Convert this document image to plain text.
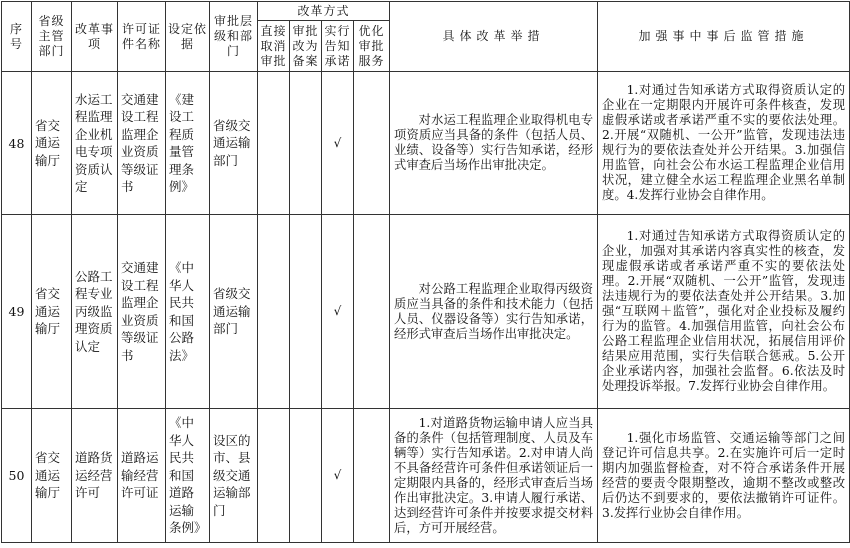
序号	省级主管部门	改革事项	许可证件名称	设定依据	审批层级和部门	改革方式				具体改革举措	加强事中事后监管措施
						直接取消审批	审批改为备案	实行告知承诺	优化审批服务		
48	省交通运输厅	水运工程监理企业机电专项资质认定	交通建设工程监理企业资质等级证书	《建设工程质量管理条例》	省级交通运输部门			√		对水运工程监理企业取得机电专项资质应当具备的条件（包括人员、业绩、设备等）实行告知承诺，经形式审查后当场作出审批决定。	1.对通过告知承诺方式取得资质认定的企业在一定期限内开展许可条件核查，发现虚假承诺或者承诺严重不实的要依法处理。2.开展“双随机、一公开”监管，发现违法违规行为的要依法查处并公开结果。3.加强信用监管，向社会公布水运工程监理企业信用状况，建立健全水运工程监理企业黑名单制度。4.发挥行业协会自律作用。
49	省交通运输厅	公路工程专业丙级监理资质认定	交通建设工程监理企业资质等级证书	《中华人民共和国公路法》	省级交通运输部门			√		对公路工程监理企业取得丙级资质应当具备的条件和技术能力（包括人员、仪器设备等）实行告知承诺，经形式审查后当场作出审批决定。	1.对通过告知承诺方式取得资质认定的企业，加强对其承诺内容真实性的核查，发现虚假承诺或者承诺严重不实的要依法处理。2.开展“双随机、一公开”监管，发现违法违规行为的要依法查处并公开结果。3.加强“互联网＋监管”，强化对企业投标及履约行为的监管。4.加强信用监管，向社会公布公路工程监理企业信用状况，拓展信用评价结果应用范围，实行失信联合惩戒。5.公开企业承诺内容，加强社会监督。6.依法及时处理投诉举报。7.发挥行业协会自律作用。
50	省交通运输厅	道路货运经营许可	道路运输经营许可证	《中华人民共和国道路运输条例》	设区的市、县级交通运输部门			√		1.对道路货物运输申请人应当具备的条件（包括管理制度、人员及车辆等）实行告知承诺。2.对申请人尚不具备经营许可条件但承诺领证后一定期限内具备的，经形式审查后当场作出审批决定。3.申请人履行承诺、达到经营许可条件并按要求提交材料后，方可开展经营。	1.强化市场监管、交通运输等部门之间登记许可信息共享。2.在实施许可后一定时期内加强监督检查，对不符合承诺条件开展经营的要责令限期整改，逾期不整改或整改后仍达不到要求的，要依法撤销许可证件。3.发挥行业协会自律作用。
